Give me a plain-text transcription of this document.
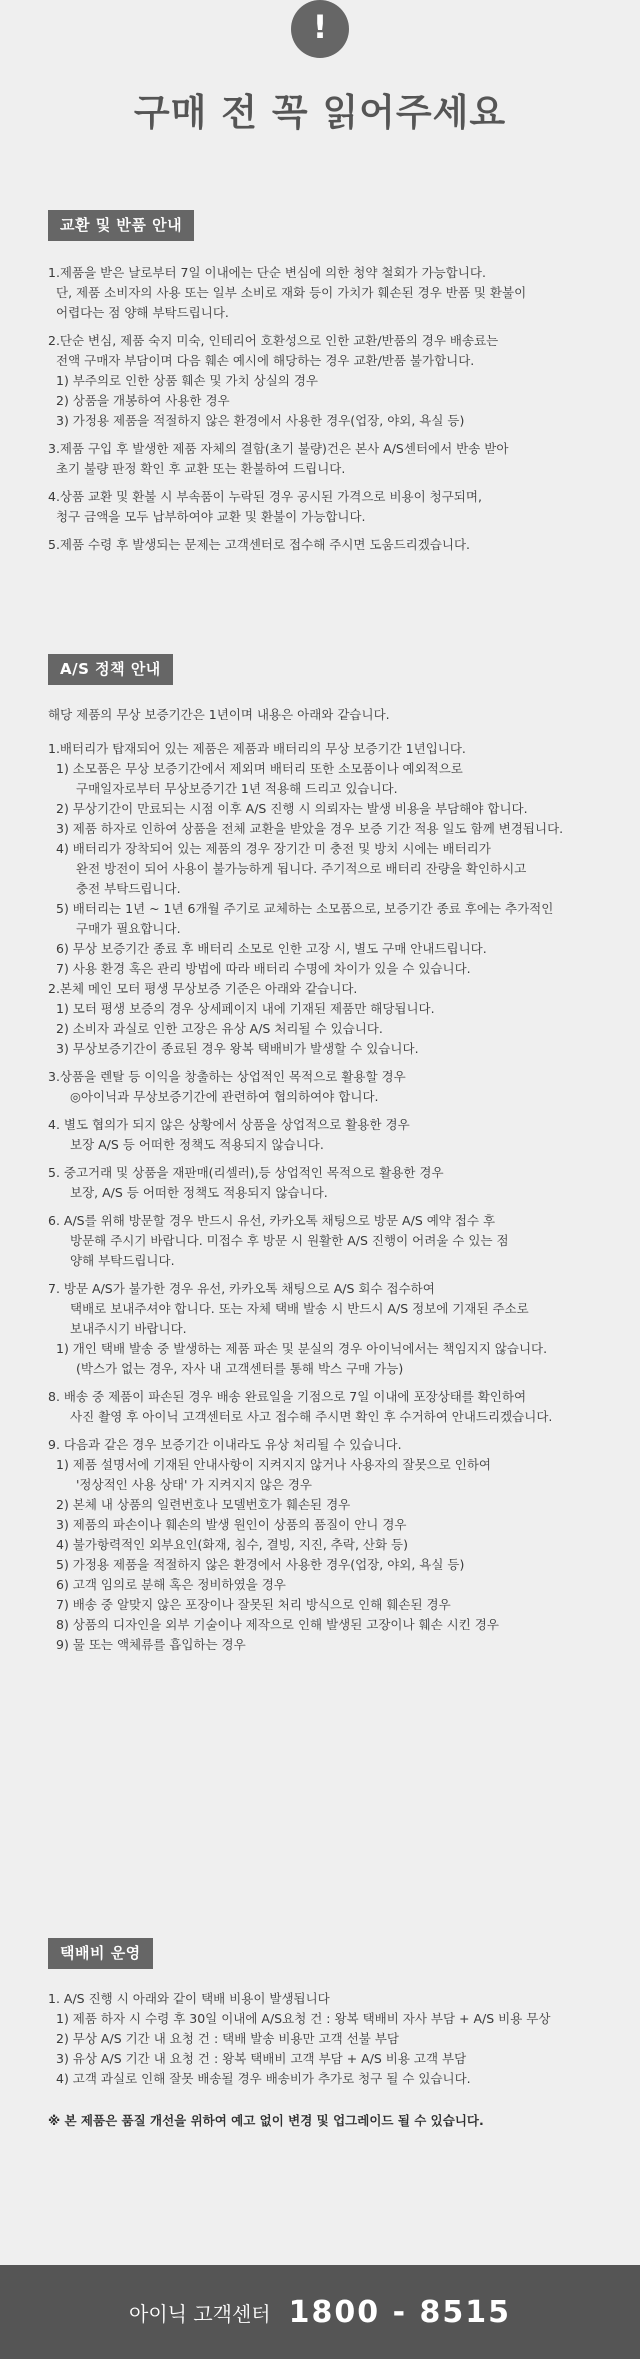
!
구매 전 꼭 읽어주세요
교환 및 반품 안내
1.제품을 받은 날로부터 7일 이내에는 단순 변심에 의한 청약 철회가 가능합니다.
단, 제품 소비자의 사용 또는 일부 소비로 재화 등이 가치가 훼손된 경우 반품 및 환불이
어렵다는 점 양해 부탁드립니다.
2.단순 변심, 제품 숙지 미숙, 인테리어 호환성으로 인한 교환/반품의 경우 배송료는
전액 구매자 부담이며 다음 훼손 예시에 해당하는 경우 교환/반품 불가합니다.
1) 부주의로 인한 상품 훼손 및 가치 상실의 경우
2) 상품을 개봉하여 사용한 경우
3) 가정용 제품을 적절하지 않은 환경에서 사용한 경우(업장, 야외, 욕실 등)
3.제품 구입 후 발생한 제품 자체의 결함(초기 불량)건은 본사 A/S센터에서 반송 받아
초기 불량 판정 확인 후 교환 또는 환불하여 드립니다.
4.상품 교환 및 환불 시 부속품이 누락된 경우 공시된 가격으로 비용이 청구되며,
청구 금액을 모두 납부하여야 교환 및 환불이 가능합니다.
5.제품 수령 후 발생되는 문제는 고객센터로 접수해 주시면 도움드리겠습니다.
A/S 정책 안내
해당 제품의 무상 보증기간은 1년이며 내용은 아래와 같습니다.
1.배터리가 탑재되어 있는 제품은 제품과 배터리의 무상 보증기간 1년입니다.
1) 소모품은 무상 보증기간에서 제외며 배터리 또한 소모품이나 예외적으로
구매일자로부터 무상보증기간 1년 적용해 드리고 있습니다.
2) 무상기간이 만료되는 시점 이후 A/S 진행 시 의뢰자는 발생 비용을 부담해야 합니다.
3) 제품 하자로 인하여 상품을 전체 교환을 받았을 경우 보증 기간 적용 일도 함께 변경됩니다.
4) 배터리가 장착되어 있는 제품의 경우 장기간 미 충전 및 방치 시에는 배터리가
완전 방전이 되어 사용이 불가능하게 됩니다. 주기적으로 배터리 잔량을 확인하시고
충전 부탁드립니다.
5) 배터리는 1년 ~ 1년 6개월 주기로 교체하는 소모품으로, 보증기간 종료 후에는 추가적인
구매가 필요합니다.
6) 무상 보증기간 종료 후 배터리 소모로 인한 고장 시, 별도 구매 안내드립니다.
7) 사용 환경 혹은 관리 방법에 따라 배터리 수명에 차이가 있을 수 있습니다.
2.본체 메인 모터 평생 무상보증 기준은 아래와 같습니다.
1) 모터 평생 보증의 경우 상세페이지 내에 기재된 제품만 해당됩니다.
2) 소비자 과실로 인한 고장은 유상 A/S 처리될 수 있습니다.
3) 무상보증기간이 종료된 경우 왕복 택배비가 발생할 수 있습니다.
3.상품을 렌탈 등 이익을 창출하는 상업적인 목적으로 활용할 경우
◎아이닉과 무상보증기간에 관련하여 협의하여야 합니다.
4. 별도 협의가 되지 않은 상황에서 상품을 상업적으로 활용한 경우
보장 A/S 등 어떠한 정책도 적용되지 않습니다.
5. 중고거래 및 상품을 재판매(리셀러),등 상업적인 목적으로 활용한 경우
보장, A/S 등 어떠한 정책도 적용되지 않습니다.
6. A/S를 위해 방문할 경우 반드시 유선, 카카오톡 채팅으로 방문 A/S 예약 접수 후
방문해 주시기 바랍니다. 미접수 후 방문 시 원활한 A/S 진행이 어려울 수 있는 점
양해 부탁드립니다.
7. 방문 A/S가 불가한 경우 유선, 카카오톡 채팅으로 A/S 회수 접수하여
택배로 보내주셔야 합니다. 또는 자체 택배 발송 시 반드시 A/S 정보에 기재된 주소로
보내주시기 바랍니다.
1) 개인 택배 발송 중 발생하는 제품 파손 및 분실의 경우 아이닉에서는 책임지지 않습니다.
(박스가 없는 경우, 자사 내 고객센터를 통해 박스 구매 가능)
8. 배송 중 제품이 파손된 경우 배송 완료일을 기점으로 7일 이내에 포장상태를 확인하여
사진 촬영 후 아이닉 고객센터로 사고 접수해 주시면 확인 후 수거하여 안내드리겠습니다.
9. 다음과 같은 경우 보증기간 이내라도 유상 처리될 수 있습니다.
1) 제품 설명서에 기재된 안내사항이 지켜지지 않거나 사용자의 잘못으로 인하여
'정상적인 사용 상태' 가 지켜지지 않은 경우
2) 본체 내 상품의 일련번호나 모델번호가 훼손된 경우
3) 제품의 파손이나 훼손의 발생 원인이 상품의 품질이 안니 경우
4) 불가항력적인 외부요인(화재, 침수, 결빙, 지진, 추락, 산화 등)
5) 가정용 제품을 적절하지 않은 환경에서 사용한 경우(업장, 야외, 욕실 등)
6) 고객 임의로 분해 혹은 정비하였을 경우
7) 배송 중 알맞지 않은 포장이나 잘못된 처리 방식으로 인해 훼손된 경우
8) 상품의 디자인을 외부 기술이나 제작으로 인해 발생된 고장이나 훼손 시킨 경우
9) 물 또는 액체류를 흡입하는 경우
택배비 운영
1. A/S 진행 시 아래와 같이 택배 비용이 발생됩니다
1) 제품 하자 시 수령 후 30일 이내에 A/S요청 건 : 왕복 택배비 자사 부담 + A/S 비용 무상
2) 무상 A/S 기간 내 요청 건 : 택배 발송 비용만 고객 선불 부담
3) 유상 A/S 기간 내 요청 건 : 왕복 택배비 고객 부담 + A/S 비용 고객 부담
4) 고객 과실로 인해 잘못 배송될 경우 배송비가 추가로 청구 될 수 있습니다.
※ 본 제품은 품질 개선을 위하여 예고 없이 변경 및 업그레이드 될 수 있습니다.
아이닉 고객센터 1800 - 8515
